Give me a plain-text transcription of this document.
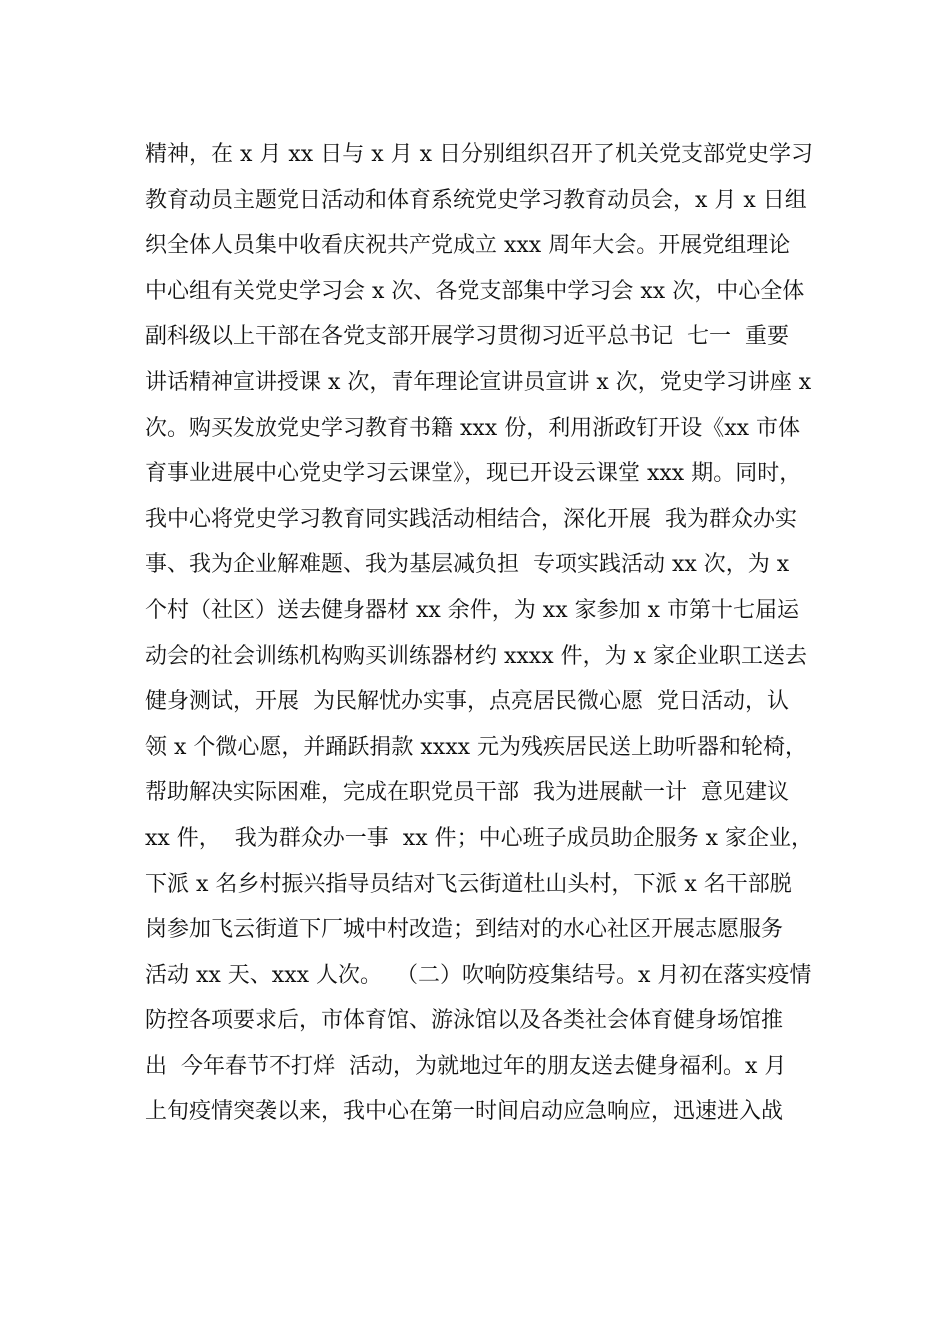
精神，在 x 月 xx 日与 x 月 x 日分别组织召开了机关党支部党史学习
教育动员主题党日活动和体育系统党史学习教育动员会，x 月 x 日组
织全体人员集中收看庆祝共产党成立 xxx 周年大会。开展党组理论
中心组有关党史学习会 x 次、各党支部集中学习会 xx 次，中心全体
副科级以上干部在各党支部开展学习贯彻习近平总书记  七一  重要
讲话精神宣讲授课 x 次，青年理论宣讲员宣讲 x 次，党史学习讲座 x
次。购买发放党史学习教育书籍 xxx 份，利用浙政钉开设《xx 市体
育事业进展中心党史学习云课堂》，现已开设云课堂 xxx 期。同时，
我中心将党史学习教育同实践活动相结合，深化开展  我为群众办实
事、我为企业解难题、我为基层减负担  专项实践活动 xx 次，为 x
个村（社区）送去健身器材 xx 余件，为 xx 家参加 x 市第十七届运
动会的社会训练机构购买训练器材约 xxxx 件，为 x 家企业职工送去
健身测试，开展  为民解忧办实事，点亮居民微心愿  党日活动，认
领 x 个微心愿，并踊跃捐款 xxxx 元为残疾居民送上助听器和轮椅，
帮助解决实际困难，完成在职党员干部  我为进展献一计  意见建议
xx 件，  我为群众办一事  xx 件；中心班子成员助企服务 x 家企业，
下派 x 名乡村振兴指导员结对飞云街道杜山头村，下派 x 名干部脱
岗参加飞云街道下厂城中村改造；到结对的水心社区开展志愿服务
活动 xx 天、xxx 人次。  （二）吹响防疫集结号。x 月初在落实疫情
防控各项要求后，市体育馆、游泳馆以及各类社会体育健身场馆推
出  今年春节不打烊  活动，为就地过年的朋友送去健身福利。x 月
上旬疫情突袭以来，我中心在第一时间启动应急响应，迅速进入战
